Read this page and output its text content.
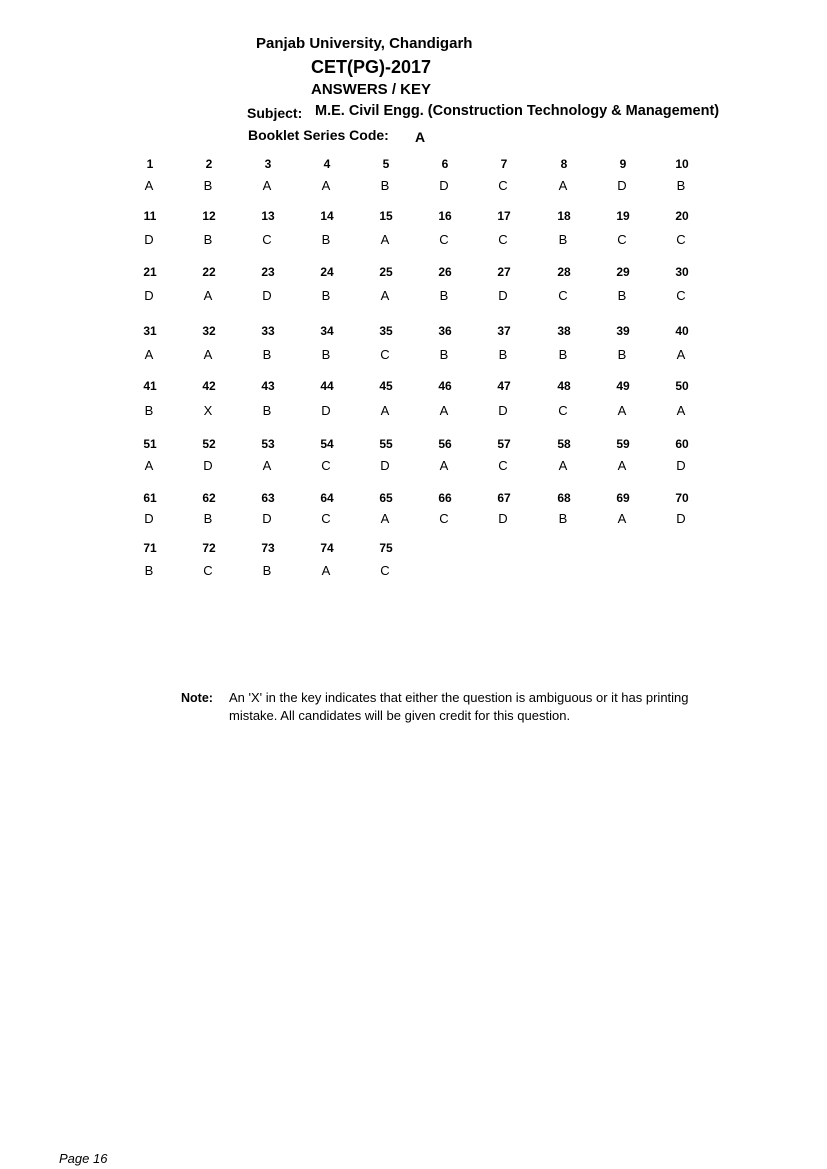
Panjab University, Chandigarh
CET(PG)-2017
ANSWERS / KEY
Subject: M.E. Civil Engg. (Construction Technology & Management)
Booklet Series Code: A
1
A
2
B
3
A
4
A
5
B
6
D
7
C
8
A
9
D
10
B
11
D
12
B
13
C
14
B
15
A
16
C
17
C
18
B
19
C
20
C
21
D
22
A
23
D
24
B
25
A
26
B
27
D
28
C
29
B
30
C
31
A
32
A
33
B
34
B
35
C
36
B
37
B
38
B
39
B
40
A
41
B
42
X
43
B
44
D
45
A
46
A
47
D
48
C
49
A
50
A
51
A
52
D
53
A
54
C
55
D
56
A
57
C
58
A
59
A
60
D
61
D
62
B
63
D
64
C
65
A
66
C
67
D
68
B
69
A
70
D
71
B
72
C
73
B
74
A
75
C
Note: An 'X' in the key indicates that either the question is ambiguous or it has printing mistake. All candidates will be given credit for this question.
Page 16
